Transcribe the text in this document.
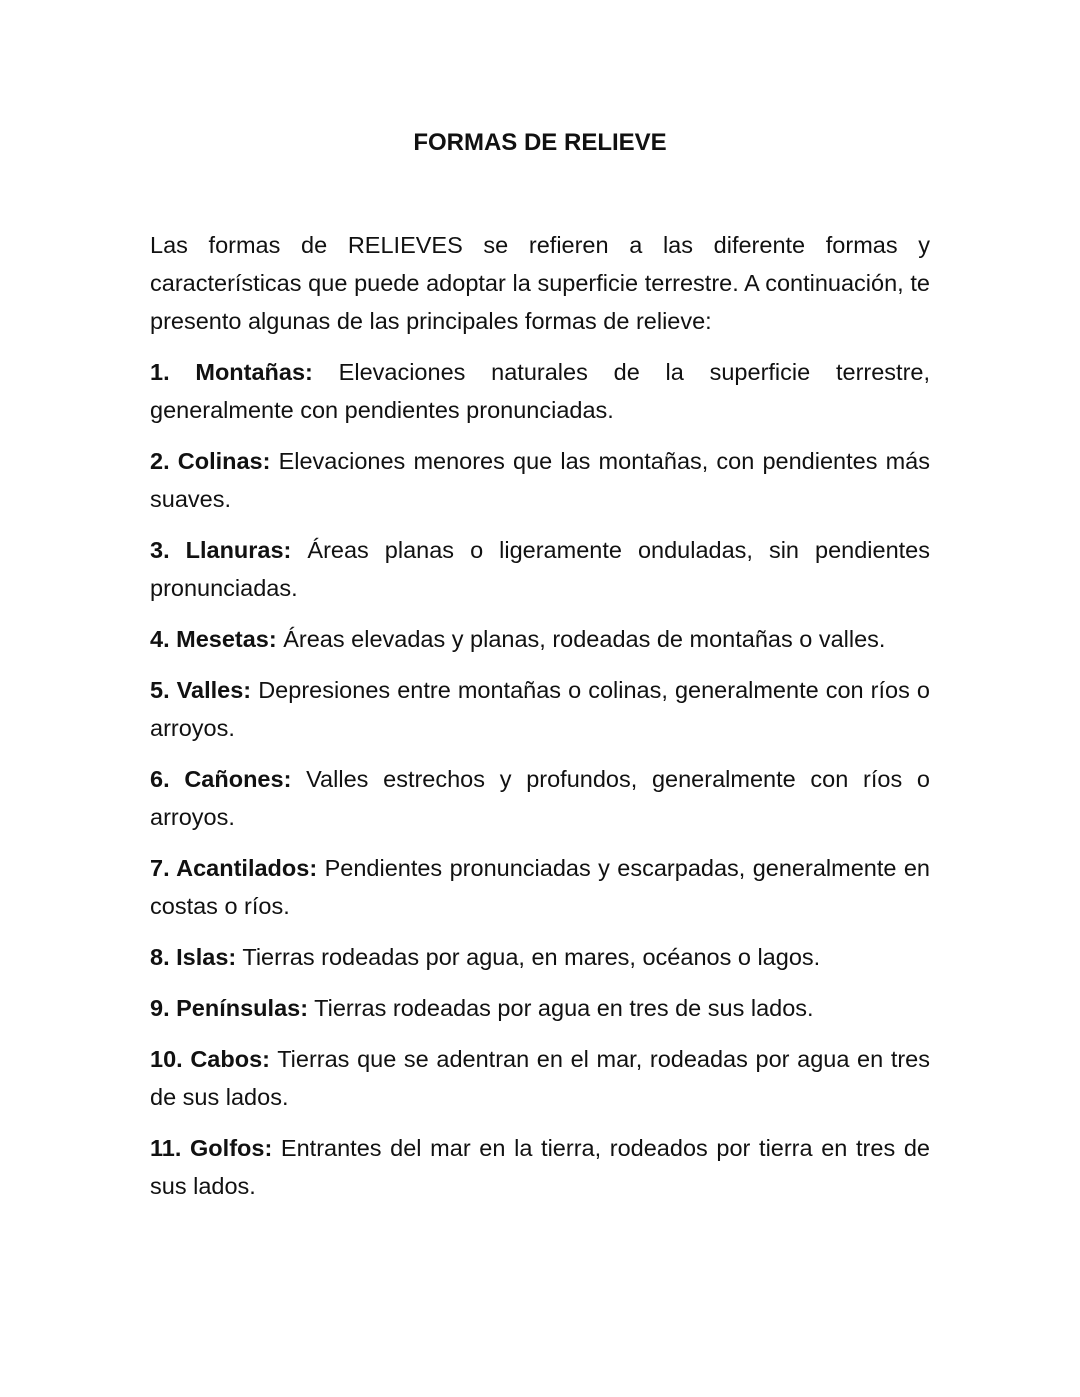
FORMAS DE RELIEVE

Las formas de RELIEVES se refieren a las diferente formas y características que puede adoptar la superficie terrestre. A continuación, te presento algunas de las principales formas de relieve:

1. Montañas: Elevaciones naturales de la superficie terrestre, generalmente con pendientes pronunciadas.

2. Colinas: Elevaciones menores que las montañas, con pendientes más suaves.

3. Llanuras: Áreas planas o ligeramente onduladas, sin pendientes pronunciadas.

4. Mesetas: Áreas elevadas y planas, rodeadas de montañas o valles.

5. Valles: Depresiones entre montañas o colinas, generalmente con ríos o arroyos.

6. Cañones: Valles estrechos y profundos, generalmente con ríos o arroyos.

7. Acantilados: Pendientes pronunciadas y escarpadas, generalmente en costas o ríos.

8. Islas: Tierras rodeadas por agua, en mares, océanos o lagos.

9. Penínsulas: Tierras rodeadas por agua en tres de sus lados.

10. Cabos: Tierras que se adentran en el mar, rodeadas por agua en tres de sus lados.

11. Golfos: Entrantes del mar en la tierra, rodeados por tierra en tres de sus lados.
